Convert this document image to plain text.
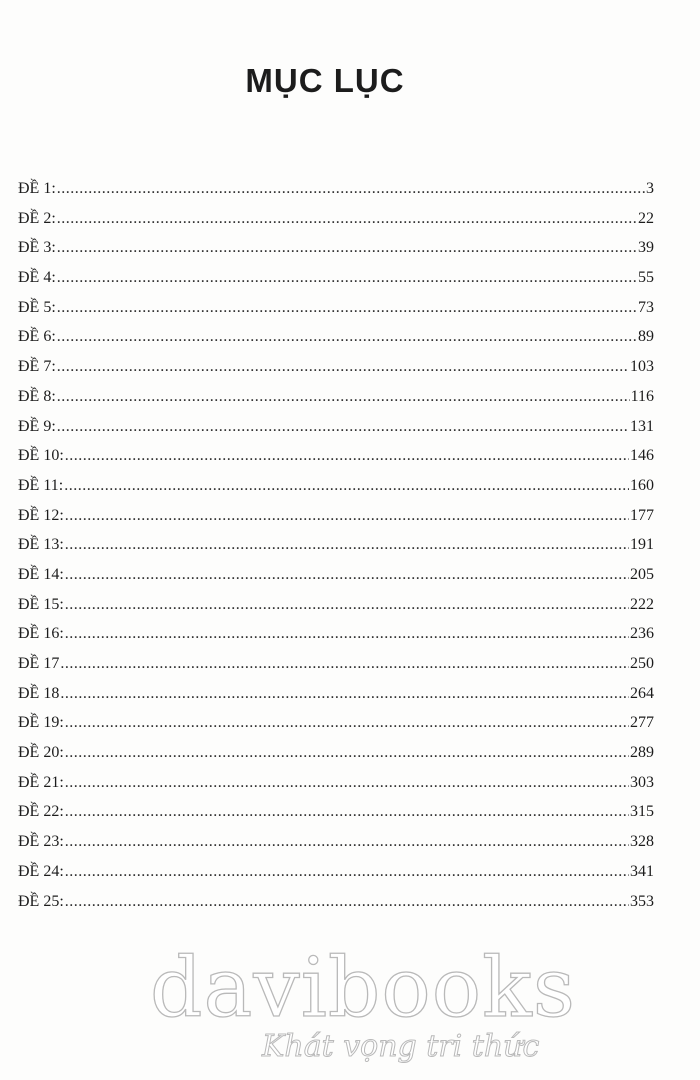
MỤC LỤC
ĐỀ 1: .....	3
ĐỀ 2: .....	22
ĐỀ 3: .....	39
ĐỀ 4: .....	55
ĐỀ 5: .....	73
ĐỀ 6: .....	89
ĐỀ 7: .....	103
ĐỀ 8: .....	116
ĐỀ 9: .....	131
ĐỀ 10: .....	146
ĐỀ 11: .....	160
ĐỀ 12: .....	177
ĐỀ 13: .....	191
ĐỀ 14: .....	205
ĐỀ 15: .....	222
ĐỀ 16: .....	236
ĐỀ 17 .....	250
ĐỀ 18 .....	264
ĐỀ 19: .....	277
ĐỀ 20: .....	289
ĐỀ 21: .....	303
ĐỀ 22: .....	315
ĐỀ 23: .....	328
ĐỀ 24: .....	341
ĐỀ 25: .....	353
davibooks
Khát vọng tri thức
